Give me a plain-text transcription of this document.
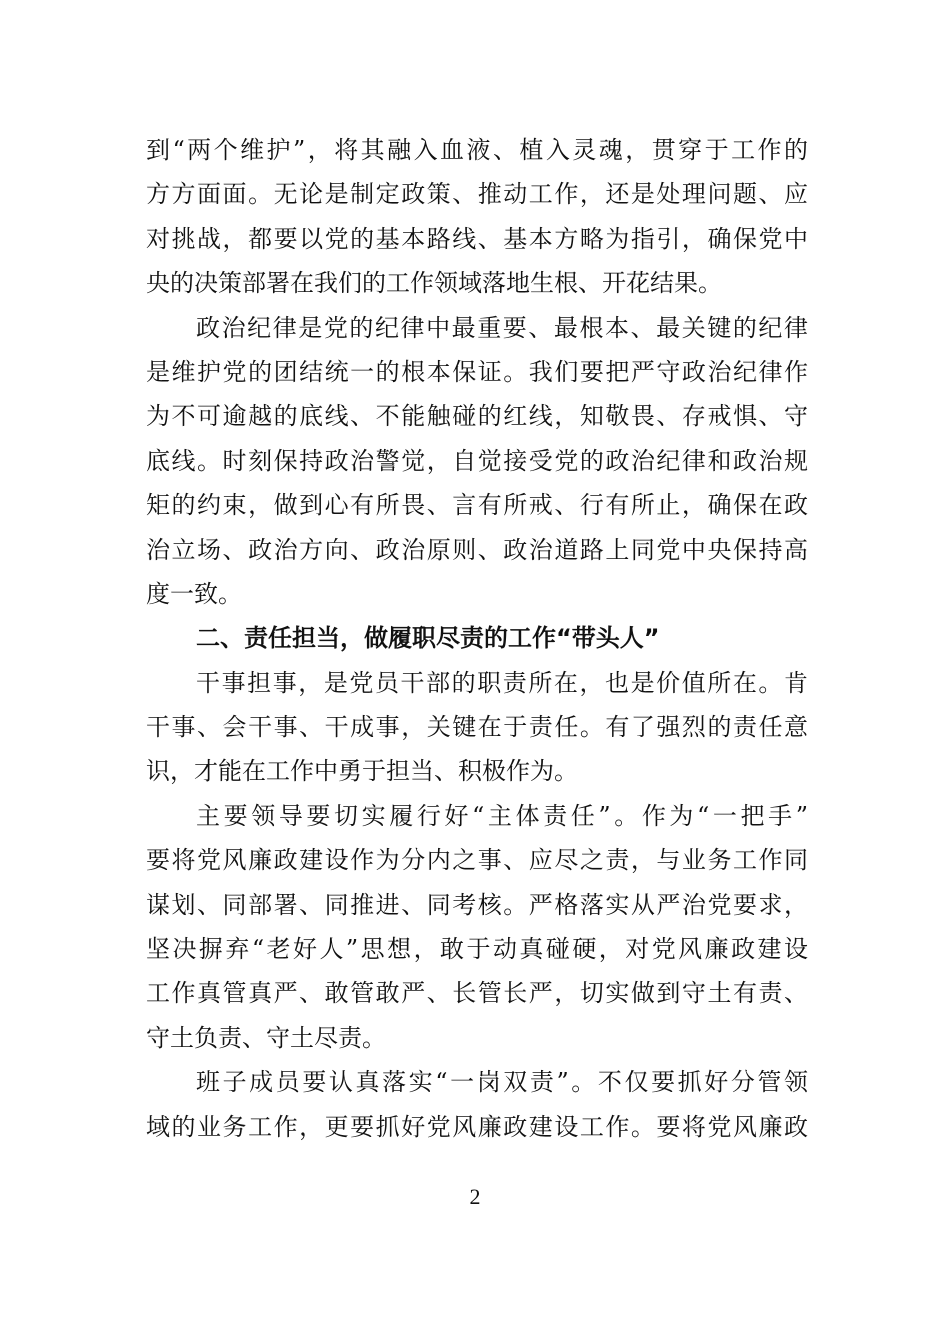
到“两个维护”，将其融入血液、植入灵魂，贯穿于工作的
方方面面。无论是制定政策、推动工作，还是处理问题、应
对挑战，都要以党的基本路线、基本方略为指引，确保党中
央的决策部署在我们的工作领域落地生根、开花结果。
政治纪律是党的纪律中最重要、最根本、最关键的纪律
是维护党的团结统一的根本保证。我们要把严守政治纪律作
为不可逾越的底线、不能触碰的红线，知敬畏、存戒惧、守
底线。时刻保持政治警觉，自觉接受党的政治纪律和政治规
矩的约束，做到心有所畏、言有所戒、行有所止，确保在政
治立场、政治方向、政治原则、政治道路上同党中央保持高
度一致。
二、责任担当，做履职尽责的工作“带头人”
干事担事，是党员干部的职责所在，也是价值所在。肯
干事、会干事、干成事，关键在于责任。有了强烈的责任意
识，才能在工作中勇于担当、积极作为。
主要领导要切实履行好“主体责任”。作为“一把手”
要将党风廉政建设作为分内之事、应尽之责，与业务工作同
谋划、同部署、同推进、同考核。严格落实从严治党要求，
坚决摒弃“老好人”思想，敢于动真碰硬，对党风廉政建设
工作真管真严、敢管敢严、长管长严，切实做到守土有责、
守土负责、守土尽责。
班子成员要认真落实“一岗双责”。不仅要抓好分管领
域的业务工作，更要抓好党风廉政建设工作。要将党风廉政
2
